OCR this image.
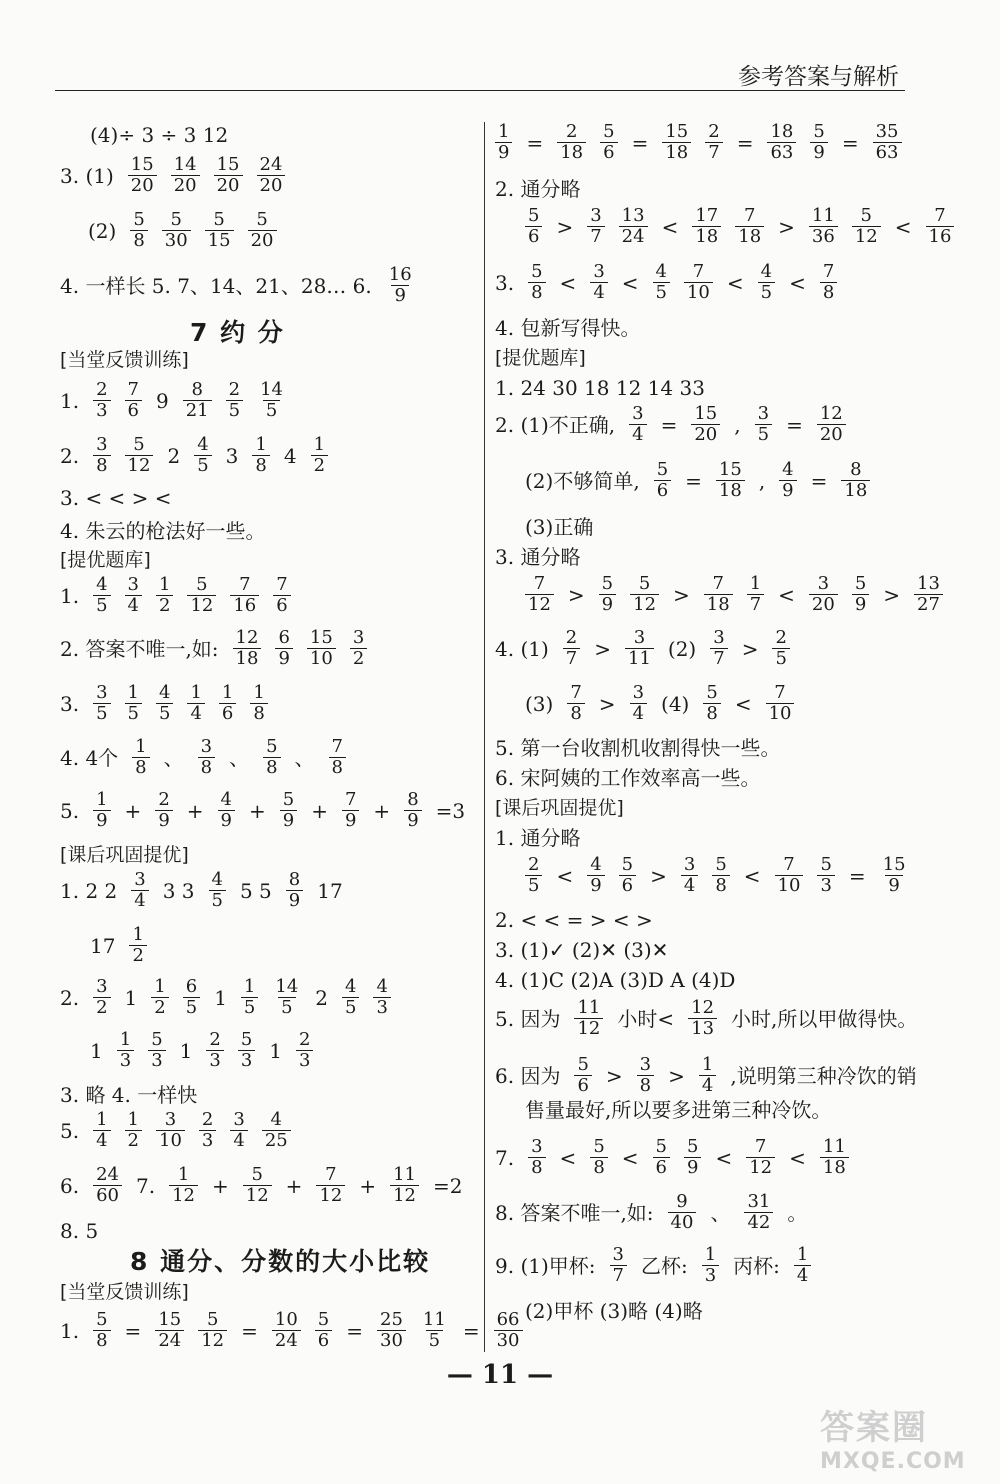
参考答案与解析
(4)÷ 3 ÷ 3 12
3. $(1) \frac{15}{20} \frac{14}{20} \frac{15}{20} \frac{24}{20}$
$(2) \frac{5}{8} \frac{5}{30} \frac{5}{15} \frac{5}{20}$
4. 一样长 5. 7、14、21、28… 6. $\frac{16}{9}$
[当堂反馈训练]
1. $\frac{2}{3} \frac{7}{6} 9 \frac{8}{21} \frac{2}{5} \frac{14}{5}$
2. $\frac{3}{8} \frac{5}{12} 2 \frac{4}{5} 3 \frac{1}{8} 4 \frac{1}{2}$
3. < < > <
4. 朱云的枪法好一些。
[提优题库]
1. $\frac{4}{5} \frac{3}{4} \frac{1}{2} \frac{5}{12} \frac{7}{16} \frac{7}{6}$
2. 答案不唯一,如: $\frac{12}{18} \frac{6}{9} \frac{15}{10} \frac{3}{2}$
3. $\frac{3}{5} \frac{1}{5} \frac{4}{5} \frac{1}{4} \frac{1}{6} \frac{1}{8}$
4. 4个 $\frac{1}{8}$ 、 $\frac{3}{8}$ 、 $\frac{5}{8}$ 、 $\frac{7}{8}$
5. $\frac{1}{9} + \frac{2}{9} + \frac{4}{9} + \frac{5}{9} + \frac{7}{9} + \frac{8}{9} =3$
[课后巩固提优]
1. 2 $2 \frac{3}{4} 3$ $3 \frac{4}{5} 5$ $5 \frac{8}{9} 17$
$17 \frac{1}{2}$
2. $\frac{3}{2} 1 \frac{1}{2} \frac{6}{5} 1 \frac{1}{5} \frac{14}{5} 2 \frac{4}{5} \frac{4}{3}$
$1 \frac{1}{3} \frac{5}{3} 1 \frac{2}{3} \frac{5}{3} 1 \frac{2}{3}$
3. 略 4. 一样快
5. $\frac{1}{4} \frac{1}{2} \frac{3}{10} \frac{2}{3} \frac{3}{4} \frac{4}{25}$
6. $\frac{24}{60} 7$. $\frac{1}{12} + \frac{5}{12} + \frac{7}{12} + \frac{11}{12} =2$
8. 5
[当堂反馈训练]
1. $\frac{5}{8} = \frac{15}{24} \frac{5}{12} = \frac{10}{24} \frac{5}{6} = \frac{25}{30} \frac{11}{5} = \frac{66}{30}$
$\frac{1}{9} = \frac{2}{18} \frac{5}{6} = \frac{15}{18} \frac{2}{7} = \frac{18}{63} \frac{5}{9} = \frac{35}{63}$
2. 通分略
$\frac{5}{6} > \frac{3}{7} \frac{13}{24} < \frac{17}{18} \frac{7}{18} > \frac{11}{36} \frac{5}{12} < \frac{7}{16}$
3. $\frac{5}{8} < \frac{3}{4} < \frac{4}{5} \frac{7}{10} < \frac{4}{5} < \frac{7}{8}$
4. 包新写得快。
[提优题库]
1. 24 30 18 12 14 33
2. (1)不正确, $\frac{3}{4} = \frac{15}{20}$ , $\frac{3}{5} = \frac{12}{20}$
(2)不够简单, $\frac{5}{6} = \frac{15}{18}$ , $\frac{4}{9} = \frac{8}{18}$
(3)正确
3. 通分略
$\frac{7}{12} > \frac{5}{9} \frac{5}{12} > \frac{7}{18} \frac{1}{7} < \frac{3}{20} \frac{5}{9} > \frac{13}{27}$
4. $(1) \frac{2}{7} > \frac{3}{11} (2) \frac{3}{7} > \frac{2}{5}$
$(3) \frac{7}{8} > \frac{3}{4} (4) \frac{5}{8} < \frac{7}{10}$
5. 第一台收割机收割得快一些。
6. 宋阿姨的工作效率高一些。
[课后巩固提优]
1. 通分略
$\frac{2}{5} < \frac{4}{9} \frac{5}{6} > \frac{3}{4} \frac{5}{8} < \frac{7}{10} \frac{5}{3} = \frac{15}{9}$
2. < < = > < >
3. (1)✓ (2)✕ (3)✕
4. (1)C (2)A (3)D A (4)D
5. 因为 $\frac{11}{12}$ 小时< $\frac{12}{13}$ 小时,所以甲做得快。
6. 因为 $\frac{5}{6} > \frac{3}{8} > \frac{1}{4}$ ,说明第三种冷饮的销
售量最好,所以要多进第三种冷饮。
7. $\frac{3}{8} < \frac{5}{8} < \frac{5}{6} \frac{5}{9} < \frac{7}{12} < \frac{11}{18}$
8. 答案不唯一,如: $\frac{9}{40}$ 、 $\frac{31}{42}$ 。
9. (1)甲杯: $\frac{3}{7}$ 乙杯: $\frac{1}{3}$ 丙杯: $\frac{1}{4}$
(2)甲杯 (3)略 (4)略
7 约 分
8 通分、分数的大小比较
— 11 —
答案圈
MXQE.COM
